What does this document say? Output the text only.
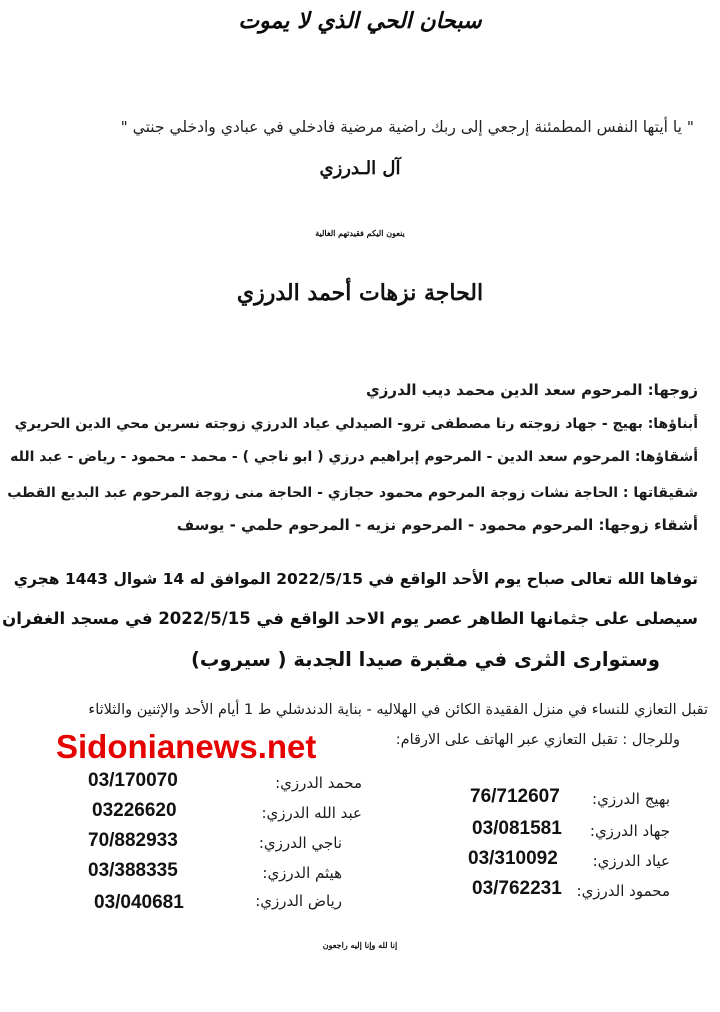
سبحان الحي الذي لا يموت
" يا أيتها النفس المطمئنة إرجعي إلى ربك راضية مرضية فادخلي في عبادي وادخلي جنتي "
آل الـدرزي
ينعون اليكم فقيدتهم الغالية
الحاجة نزهات أحمد الدرزي
زوجها: المرحوم سعد الدين محمد ديب الدرزي
أبناؤها: بهيج - جهاد زوجته رنا مصطفى ترو- الصيدلي عياد الدرزي زوجته نسرين محي الدين الحريري
أشقاؤها: المرحوم سعد الدين - المرحوم إبراهيم درزي ( ابو ناجي ) - محمد - محمود - رياض - عبد الله
شقيقاتها : الحاجة نشات زوجة المرحوم محمود حجازي - الحاجة منى زوجة المرحوم عبد البديع القطب
أشقاء زوجها: المرحوم محمود - المرحوم نزيه - المرحوم حلمي - يوسف
توفاها الله تعالى صباح يوم الأحد الواقع في 2022/5/15 الموافق له 14 شوال 1443 هجري
سيصلى على جثمانها الطاهر عصر يوم الاحد الواقع في 2022/5/15 في مسجد الغفران
وستوارى الثرى في مقبرة صيدا الجدبة ( سيروب)
تقبل التعازي للنساء في منزل الفقيدة الكائن في الهلاليه - بناية الدندشلي ط 1 أيام الأحد والإثنين والثلاثاء
وللرجال : تقبل التعازي عبر الهاتف على الارقام:
Sidonianews.net
بهيج الدرزي:
76/712607
جهاد الدرزي:
03/081581
عياد الدرزي:
03/310092
محمود الدرزي:
03/762231
محمد الدرزي:
03/170070
عبد الله الدرزي:
03226620
ناجي الدرزي:
70/882933
هيثم الدرزي:
03/388335
رياض الدرزي:
03/040681
إنا لله وإنا إليه راجعون
